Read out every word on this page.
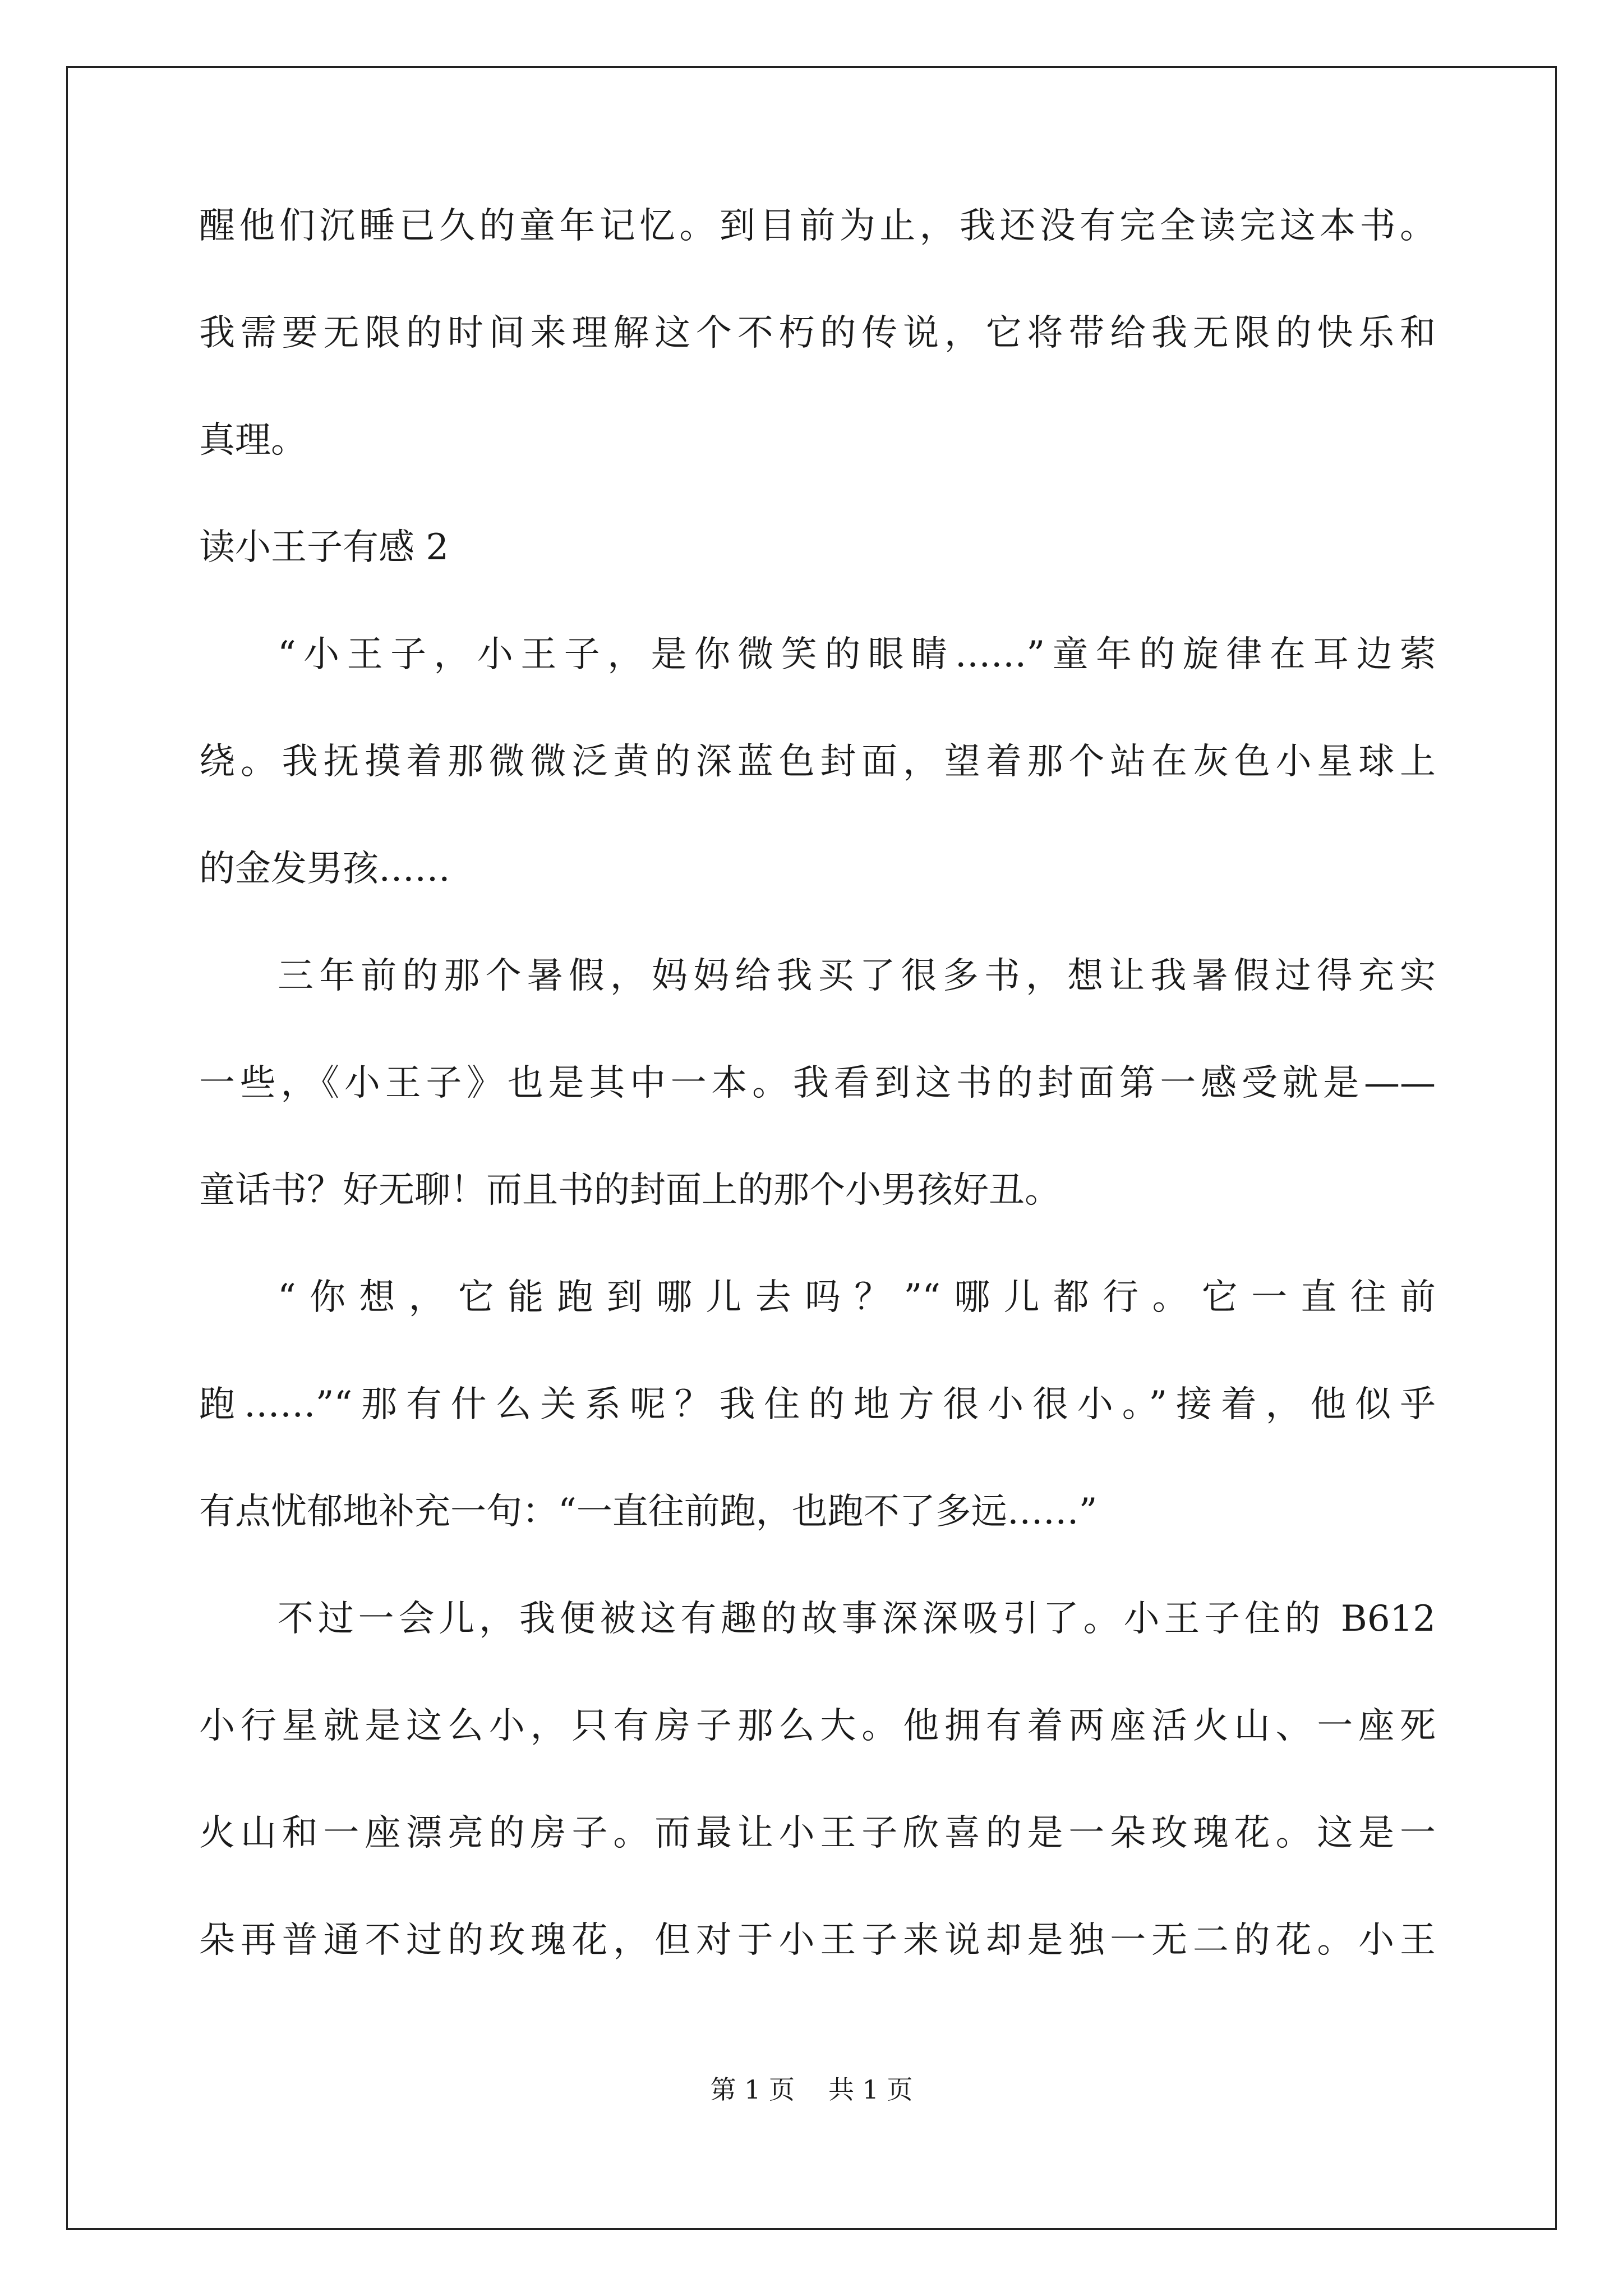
醒他们沉睡已久的童年记忆。到目前为止，我还没有完全读完这本书。
我需要无限的时间来理解这个不朽的传说，它将带给我无限的快乐和
真理。
读小王子有感 2
“小王子，小王子，是你微笑的眼睛……”童年的旋律在耳边萦
绕。我抚摸着那微微泛黄的深蓝色封面，望着那个站在灰色小星球上
的金发男孩……
三年前的那个暑假，妈妈给我买了很多书，想让我暑假过得充实
一些，《小王子》也是其中一本。我看到这书的封面第一感受就是——
童话书？好无聊！而且书的封面上的那个小男孩好丑。
“你想，它能跑到哪儿去吗？”“哪儿都行。它一直往前
跑……”“那有什么关系呢？我住的地方很小很小。”接着，他似乎
有点忧郁地补充一句：“一直往前跑，也跑不了多远……”
不过一会儿，我便被这有趣的故事深深吸引了。小王子住的 B612
小行星就是这么小，只有房子那么大。他拥有着两座活火山、一座死
火山和一座漂亮的房子。而最让小王子欣喜的是一朵玫瑰花。这是一
朵再普通不过的玫瑰花，但对于小王子来说却是独一无二的花。小王
第 1 页 共 1 页
